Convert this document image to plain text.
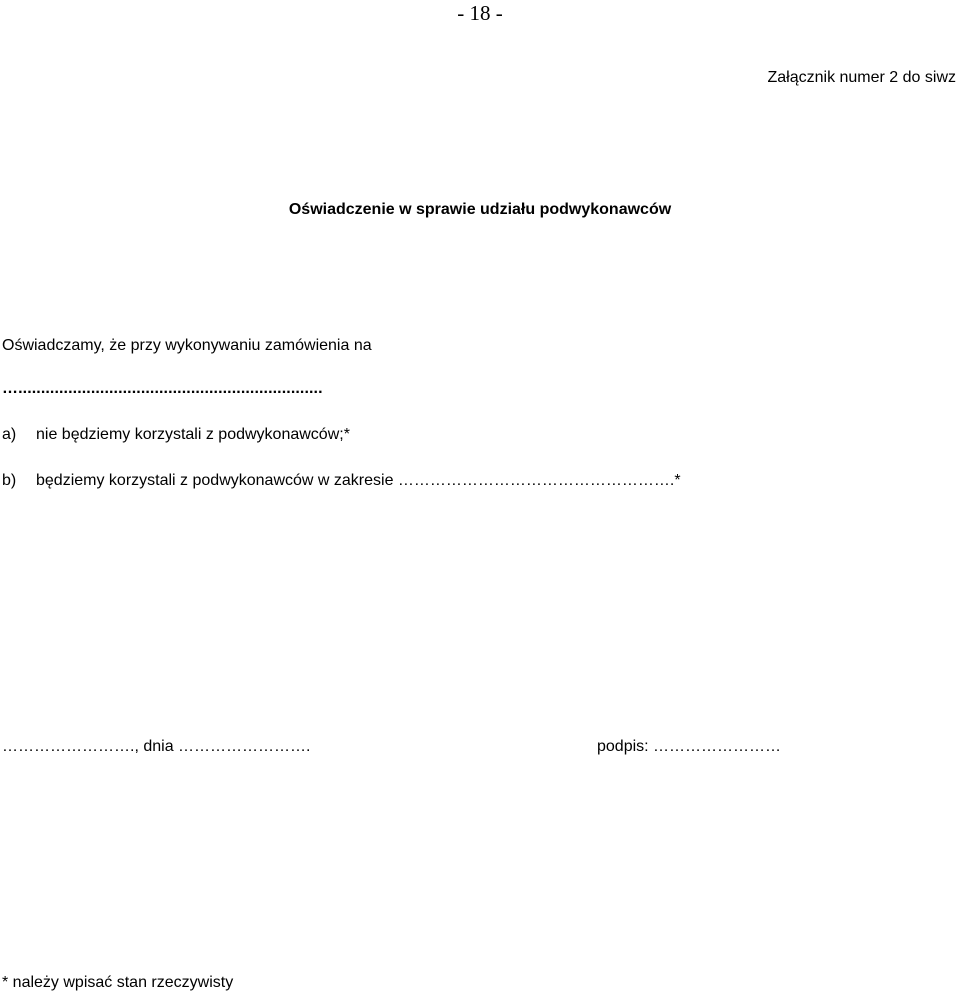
- 18 -
Załącznik numer 2 do siwz
Oświadczenie w sprawie udziału podwykonawców
Oświadczamy, że przy wykonywaniu zamówienia na
…...................................................................
a) nie będziemy korzystali z podwykonawców;*
b) będziemy korzystali z podwykonawców w zakresie …………………………………………….*
……………………., dnia …………………….	podpis: ……………………
* należy wpisać stan rzeczywisty
